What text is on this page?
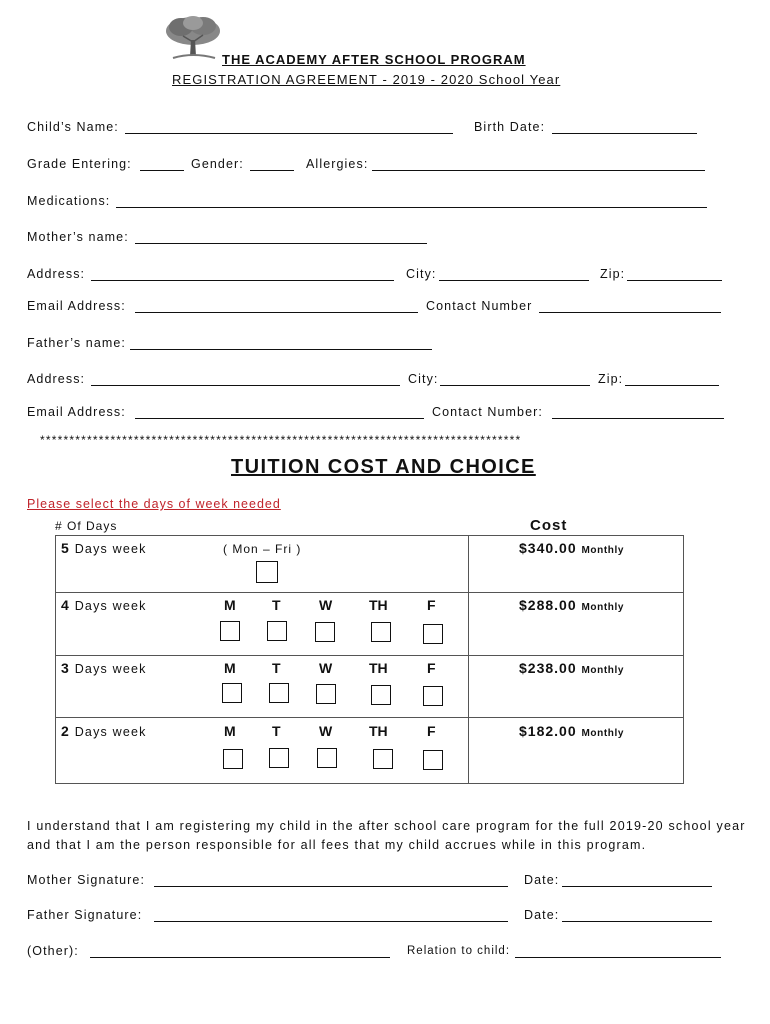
THE ACADEMY AFTER SCHOOL PROGRAM
REGISTRATION AGREEMENT - 2019 - 2020 School Year
Child’s Name:	Birth Date:
Grade Entering:	Gender:	Allergies:
Medications:
Mother’s name:
Address:	City:	Zip:
Email Address:	Contact Number
Father’s name:
Address:	City:	Zip:
Email Address:	Contact Number:
**********************************************************************************
TUITION COST AND CHOICE
Please select the days of week needed
# Of Days	Cost
5 Days week	( Mon – Fri )	$340.00 Monthly
4 Days week	M	T	W	TH	F	$288.00 Monthly
3 Days week	M	T	W	TH	F	$238.00 Monthly
2 Days week	M	T	W	TH	F	$182.00 Monthly
I understand that I am registering my child in the after school care program for the full 2019-20 school year and that I am the person responsible for all fees that my child accrues while in this program.
Mother Signature:	Date:
Father Signature:	Date:
(Other):	Relation to child:
